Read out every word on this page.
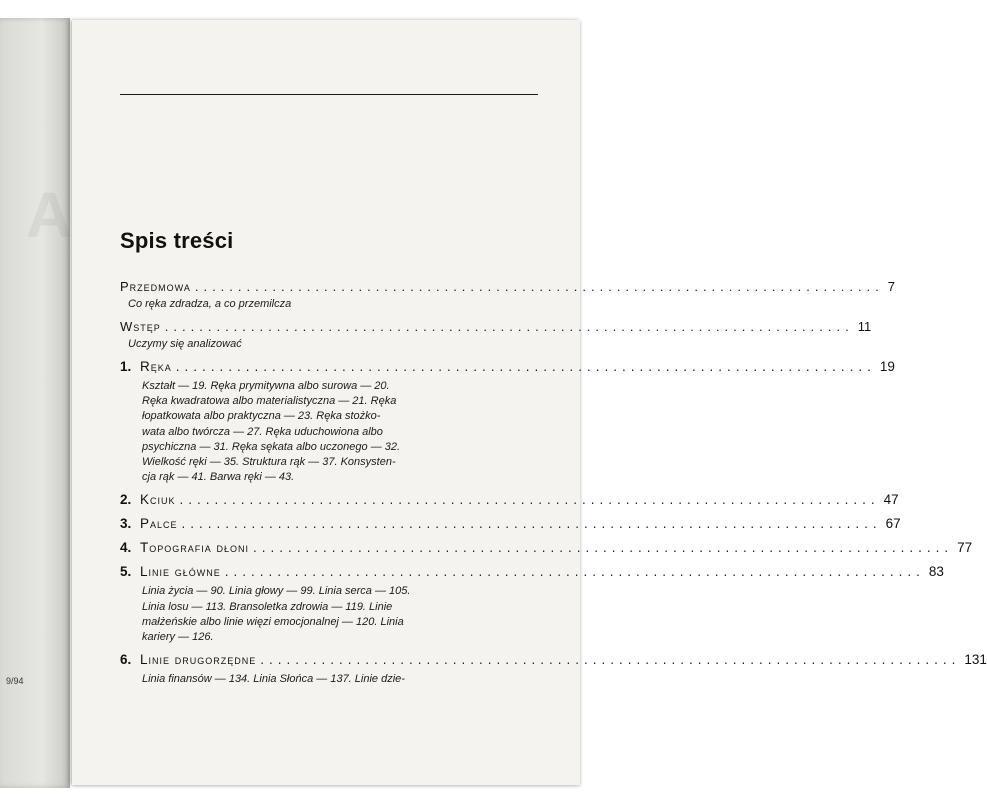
A
9/94
Spis treści
Przedmowa ................................................................................ 7
Co ręka zdradza, a co przemilcza
Wstęp ................................................................................ 11
Uczymy się analizować
1. Ręka ................................................................................ 19
Kształt — 19. Ręka prymitywna albo surowa — 20.
Ręka kwadratowa albo materialistyczna — 21. Ręka
łopatkowata albo praktyczna — 23. Ręka stożko-
wata albo twórcza — 27. Ręka uduchowiona albo
psychiczna — 31. Ręka sękata albo uczonego — 32.
Wielkość ręki — 35. Struktura rąk — 37. Konsysten-
cja rąk — 41. Barwa ręki — 43.
2. Kciuk ................................................................................ 47
3. Palce ................................................................................ 67
4. Topografia dłoni ................................................................................ 77
5. Linie główne ................................................................................ 83
Linia życia — 90. Linia głowy — 99. Linia serca — 105.
Linia losu — 113. Bransoletka zdrowia — 119. Linie
małżeńskie albo linie więzi emocjonalnej — 120. Linia
kariery — 126.
6. Linie drugorzędne ................................................................................ 131
Linia finansów — 134. Linia Słońca — 137. Linie dzie-
